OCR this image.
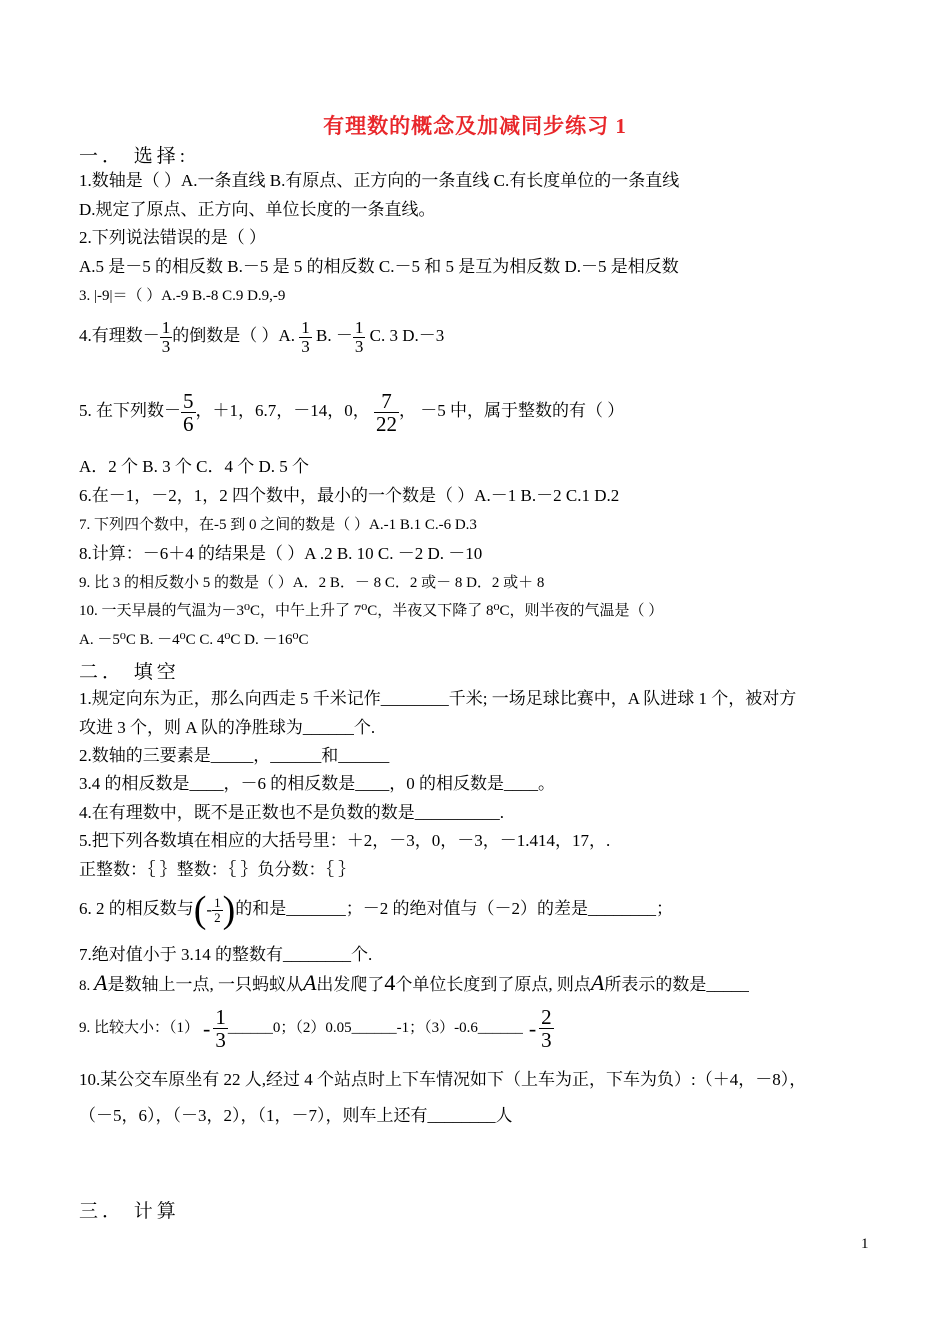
有理数的概念及加减同步练习 1
一． 选择:
1.数轴是（ ）A.一条直线 B.有原点、正方向的一条直线 C.有长度单位的一条直线
D.规定了原点、正方向、单位长度的一条直线。
2.下列说法错误的是（ ）
A.5 是－5 的相反数 B.－5 是 5 的相反数 C.－5 和 5 是互为相反数 D.－5 是相反数
3. |-9|＝（ ）A.-9 B.-8 C.9 D.9,-9
4.有理数－ $\frac{1}{3}$ 的倒数是（ ）A. $\frac{1}{3} B$. － $\frac{1}{3} C$. 3 D.－3
5. 在下列数－ $\frac{5}{6}$ ，＋1，6.7，－14，0， $\frac{7}{22}$ ， －5 中，属于整数的有（ ）
A．2 个 B. 3 个 C．4 个 D. 5 个
6.在－1，－2，1，2 四个数中，最小的一个数是（ ）A.－1 B.－2 C.1 D.2
7. 下列四个数中，在-5 到 0 之间的数是（ ）A.-1 B.1 C.-6 D.3
8.计算：－6＋4 的结果是（ ）A .2 B. 10 C. －2 D. －10
9. 比 3 的相反数小 5 的数是（ ）A．2 B．－ 8 C．2 或－ 8 D．2 或＋ 8
10. 一天早晨的气温为－3⁰C，中午上升了 7⁰C，半夜又下降了 8⁰C，则半夜的气温是（ ）
A. －5⁰C B. －4⁰C C. 4⁰C D. －16⁰C
二． 填空
1.规定向东为正，那么向西走 5 千米记作________千米; 一场足球比赛中，A 队进球 1 个，被对方
攻进 3 个，则 A 队的净胜球为______个.
2.数轴的三要素是_____，______和______
3.4 的相反数是____，－6 的相反数是____，0 的相反数是____。
4.在有理数中，既不是正数也不是负数的数是__________.
5.把下列各数填在相应的大括号里：＋2，－3，0，－3，－1.414，17，.
正整数：｛ ｝整数：｛ ｝负分数：｛ ｝
6. 2 的相反数与(- $\frac{1}{2}$ )的和是_______；－2 的绝对值与（－2）的差是________；
7.绝对值小于 3.14 的整数有________个.
8. A是数轴上一点, 一只蚂蚁从A出发爬了4个单位长度到了原点, 则点A所表示的数是_____
9. 比较大小：$(1) - \frac{1}{3}$ ______0；（2）0.05______-1；（3）-0.6______ - $\frac{2}{3}$
10.某公交车原坐有 22 人,经过 4 个站点时上下车情况如下（上车为正，下车为负）:（＋4，－8），
（－5，6），（－3，2），（1，－7），则车上还有________人
三． 计算
1
